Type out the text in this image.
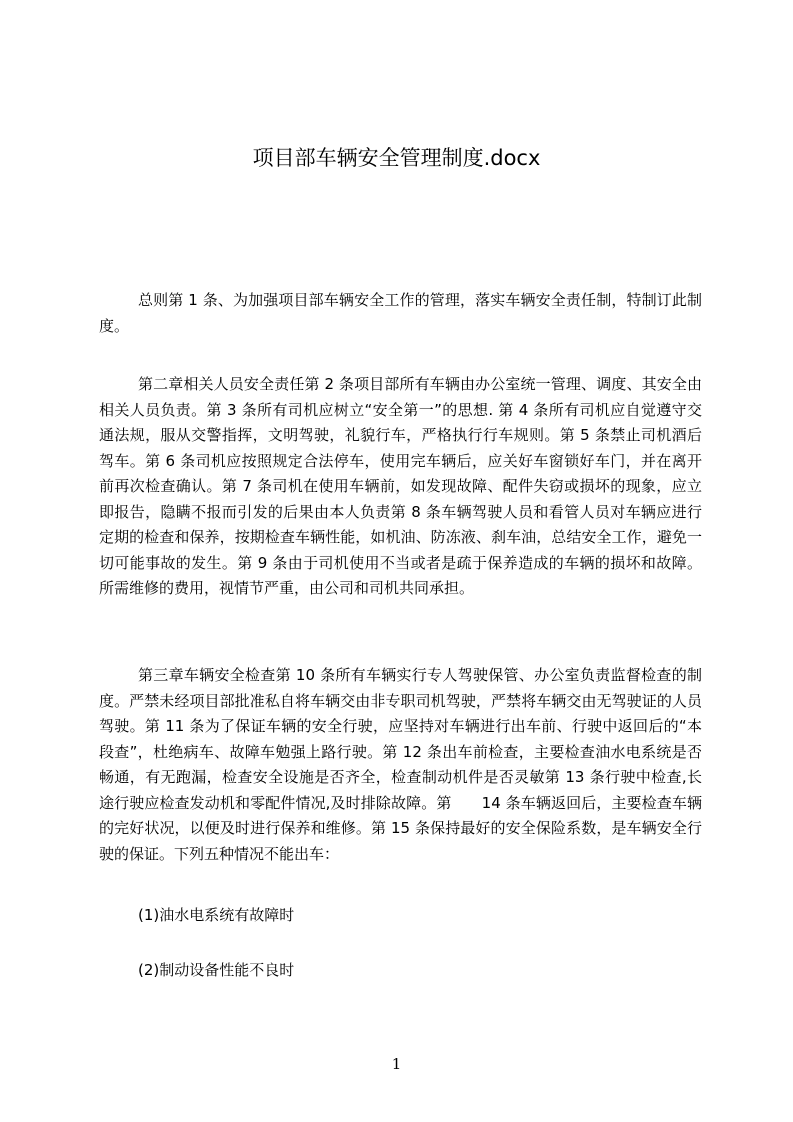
项目部车辆安全管理制度.docx

总则第 1 条、为加强项目部车辆安全工作的管理，落实车辆安全责任制，特制订此制度。

第二章相关人员安全责任第 2 条项目部所有车辆由办公室统一管理、调度、其安全由相关人员负责。第 3 条所有司机应树立“安全第一”的思想. 第 4 条所有司机应自觉遵守交通法规，服从交警指挥，文明驾驶，礼貌行车，严格执行行车规则。第 5 条禁止司机酒后驾车。第 6 条司机应按照规定合法停车，使用完车辆后，应关好车窗锁好车门，并在离开前再次检查确认。第 7 条司机在使用车辆前，如发现故障、配件失窃或损坏的现象，应立即报告，隐瞒不报而引发的后果由本人负责第 8 条车辆驾驶人员和看管人员对车辆应进行定期的检查和保养，按期检查车辆性能，如机油、防冻液、刹车油，总结安全工作，避免一切可能事故的发生。第 9 条由于司机使用不当或者是疏于保养造成的车辆的损坏和故障。所需维修的费用，视情节严重，由公司和司机共同承担。

第三章车辆安全检查第 10 条所有车辆实行专人驾驶保管、办公室负责监督检查的制度。严禁未经项目部批准私自将车辆交由非专职司机驾驶，严禁将车辆交由无驾驶证的人员驾驶。第 11 条为了保证车辆的安全行驶，应坚持对车辆进行出车前、行驶中返回后的“本段查”，杜绝病车、故障车勉强上路行驶。第 12 条出车前检查，主要检查油水电系统是否畅通，有无跑漏，检查安全设施是否齐全，检查制动机件是否灵敏第 13 条行驶中检查,长途行驶应检查发动机和零配件情况,及时排除故障。第　　14 条车辆返回后，主要检查车辆的完好状况，以便及时进行保养和维修。第 15 条保持最好的安全保险系数，是车辆安全行驶的保证。下列五种情况不能出车：

(1)油水电系统有故障时

(2)制动设备性能不良时

1
